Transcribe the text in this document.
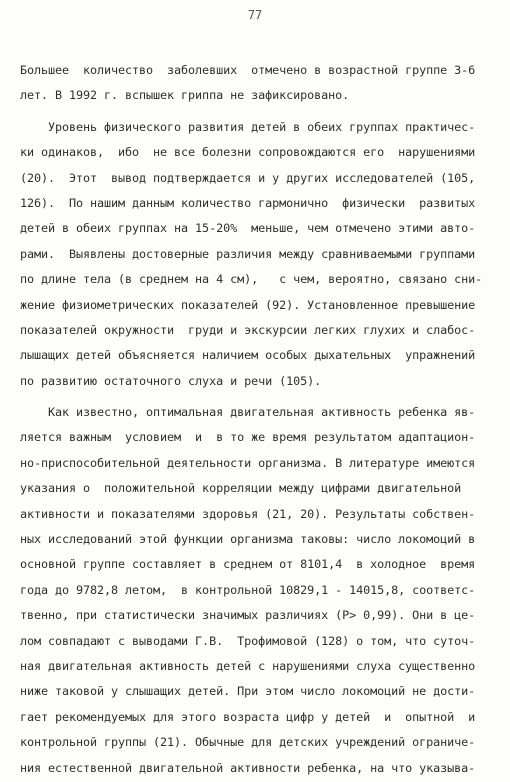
77
Большее  количество  заболевших  отмечено в возрастной группе 3-6
лет. В 1992 г. вспышек гриппа не зафиксировано.
Уровень физического развития детей в обеих группах практичес-
ки одинаков,  ибо  не все болезни сопровождаются его  нарушениями
(20).  Этот  вывод подтверждается и у других исследователей (105,
126).  По нашим данным количество гармонично  физически  развитых
детей в обеих группах на 15-20%  меньше, чем отмечено этими авто-
рами.  Выявлены достоверные различия между сравниваемыми группами
по длине тела (в среднем на 4 см),   с чем, вероятно, связано сни-
жение физиометрических показателей (92). Установленное превышение
показателей окружности  груди и экскурсии легких глухих и слабос-
лышащих детей объясняется наличием особых дыхательных  упражнений
по развитию остаточного слуха и речи (105).
Как известно, оптимальная двигательная активность ребенка яв-
ляется важным  условием  и  в то же время результатом адаптацион-
но-приспособительной деятельности организма. В литературе имеются
указания о  положительной корреляции между цифрами двигательной
активности и показателями здоровья (21, 20). Результаты собствен-
ных исследований этой функции организма таковы: число локомоций в
основной группе составляет в среднем от 8101,4  в холодное  время
года до 9782,8 летом,  в контрольной 10829,1 - 14015,8, соответс-
твенно, при статистически значимых различиях (P> 0,99). Они в це-
лом совпадают с выводами Г.В.  Трофимовой (128) о том, что суточ-
ная двигательная активность детей с нарушениями слуха существенно
ниже таковой у слышащих детей. При этом число локомоций не дости-
гает рекомендуемых для этого возраста цифр у детей  и  опытной  и
контрольной группы (21). Обычные для детских учреждений ограниче-
ния естественной двигательной активности ребенка, на что указыва-
